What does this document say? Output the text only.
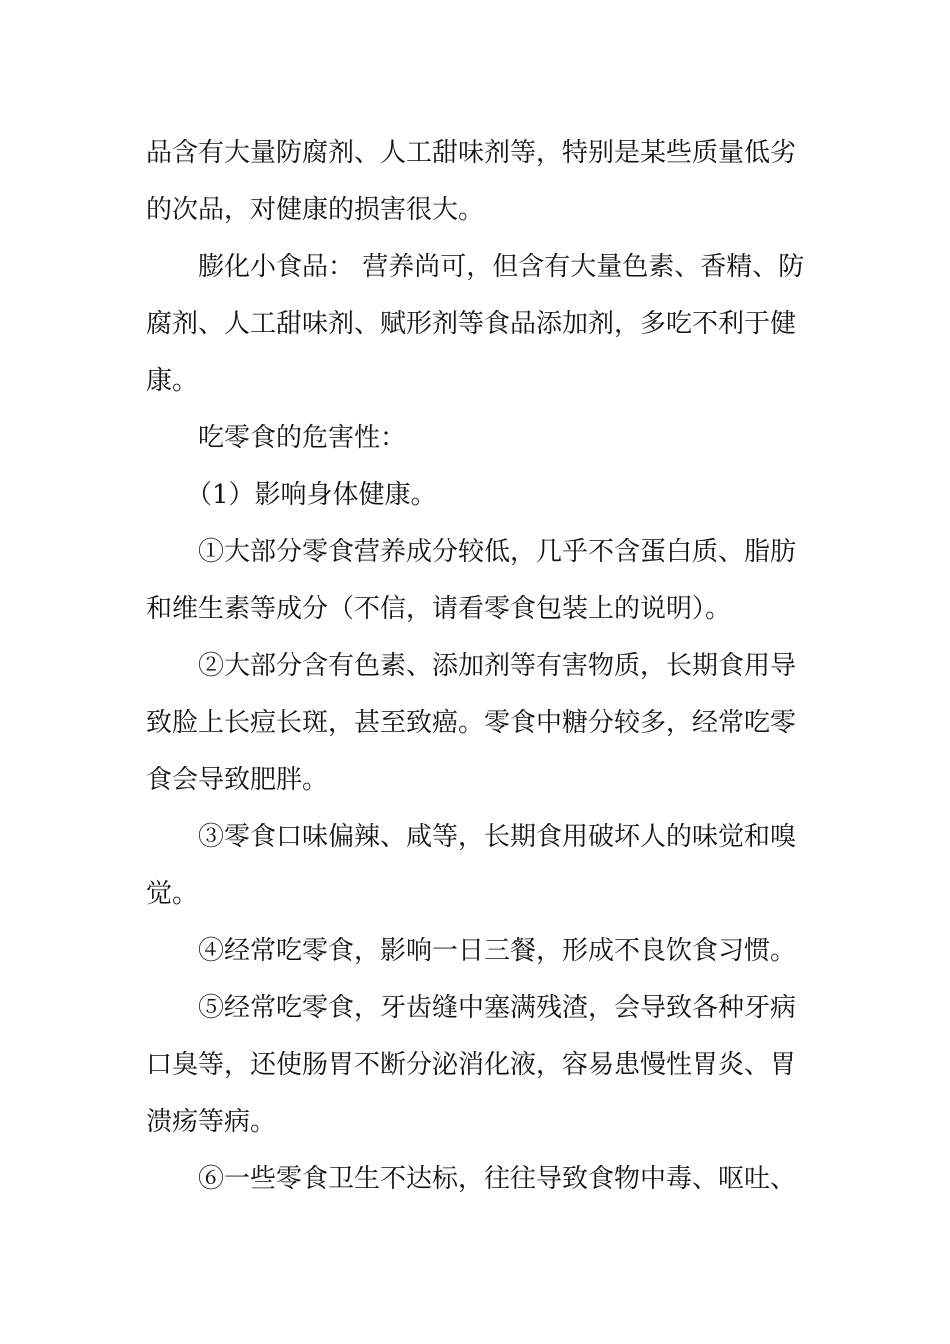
品含有大量防腐剂、人工甜味剂等，特别是某些质量低劣的次品，对健康的损害很大。

膨化小食品： 营养尚可，但含有大量色素、香精、防腐剂、人工甜味剂、赋形剂等食品添加剂，多吃不利于健康。

吃零食的危害性：

（1）影响身体健康。

①大部分零食营养成分较低，几乎不含蛋白质、脂肪和维生素等成分（不信，请看零食包装上的说明）。

②大部分含有色素、添加剂等有害物质，长期食用导致脸上长痘长斑，甚至致癌。零食中糖分较多，经常吃零食会导致肥胖。

③零食口味偏辣、咸等，长期食用破坏人的味觉和嗅觉。

④经常吃零食，影响一日三餐，形成不良饮食习惯。

⑤经常吃零食，牙齿缝中塞满残渣，会导致各种牙病口臭等，还使肠胃不断分泌消化液，容易患慢性胃炎、胃溃疡等病。

⑥一些零食卫生不达标，往往导致食物中毒、呕吐、
